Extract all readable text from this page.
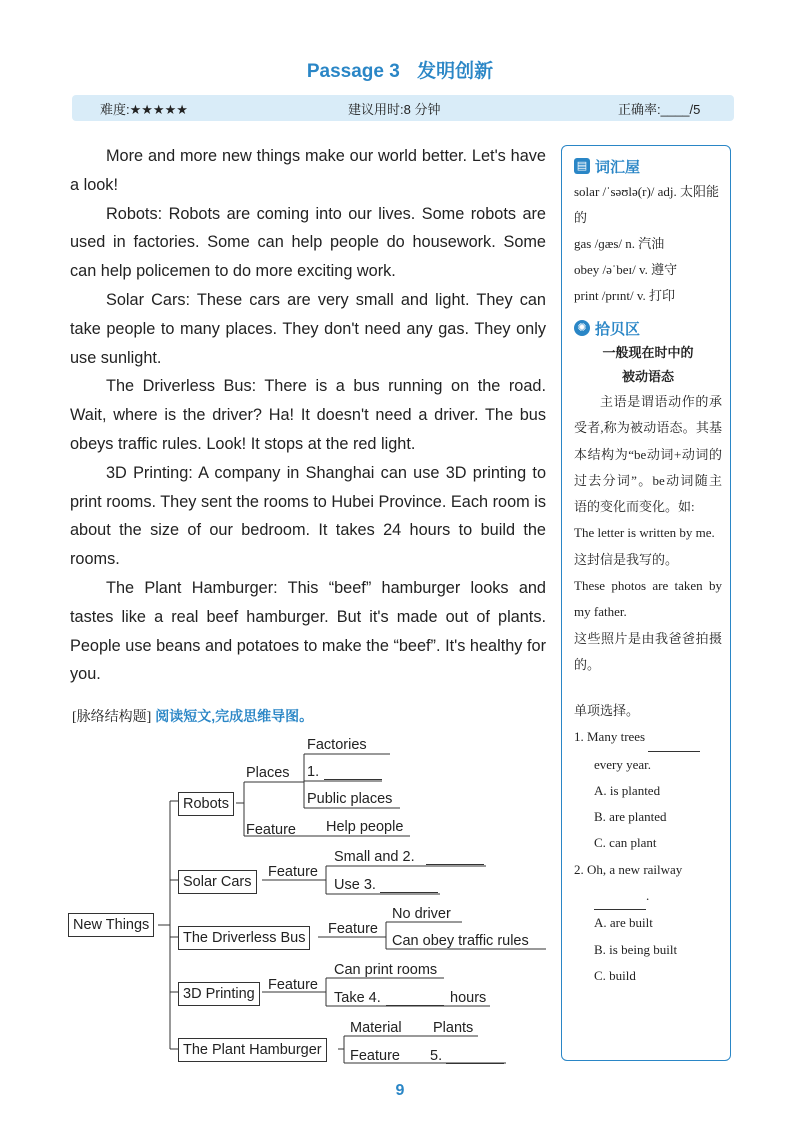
Passage 3 发明创新
难度:★★★★★	建议用时:8 分钟	正确率:____/5

More and more new things make our world better. Let's have a look!

Robots: Robots are coming into our lives. Some robots are used in factories. Some can help people do housework. Some can help policemen to do more exciting work.

Solar Cars: These cars are very small and light. They can take people to many places. They don't need any gas. They only use sunlight.

The Driverless Bus: There is a bus running on the road. Wait, where is the driver? Ha! It doesn't need a driver. The bus obeys traffic rules. Look! It stops at the red light.

3D Printing: A company in Shanghai can use 3D printing to print rooms. They sent the rooms to Hubei Province. Each room is about the size of our bedroom. It takes 24 hours to build the rooms.

The Plant Hamburger: This “beef” hamburger looks and tastes like a real beef hamburger. But it's made out of plants. People use beans and potatoes to make the “beef”. It's healthy for you.

▤ 词汇屋
solar /ˈsəʊlə(r)/ adj. 太阳能的
gas /ɡæs/ n. 汽油
obey /əˈbeɪ/ v. 遵守
print /prɪnt/ v. 打印
✺ 拾贝区
一般现在时中的
被动语态
主语是谓语动作的承受者,称为被动语态。其基本结构为“be动词+动词的过去分词”。be动词随主语的变化而变化。如:
The letter is written by me.
这封信是我写的。
These photos are taken by my father.
这些照片是由我爸爸拍摄的。
单项选择。
1. Many trees
every year.
A. is planted
B. are planted
C. can plant
2. Oh, a new railway
.
A. are built
B. is being built
C. build
[脉络结构题] 阅读短文,完成思维导图。
New Things
Robots
Solar Cars
The Driverless Bus
3D Printing
The Plant Hamburger
Places
Factories
1.
Public places
Feature Help people
Feature
Small and 2.
Use 3.
Feature
No driver
Can obey traffic rules
Feature
Can print rooms
Take 4.	hours
Material Plants
Feature 5.
9
